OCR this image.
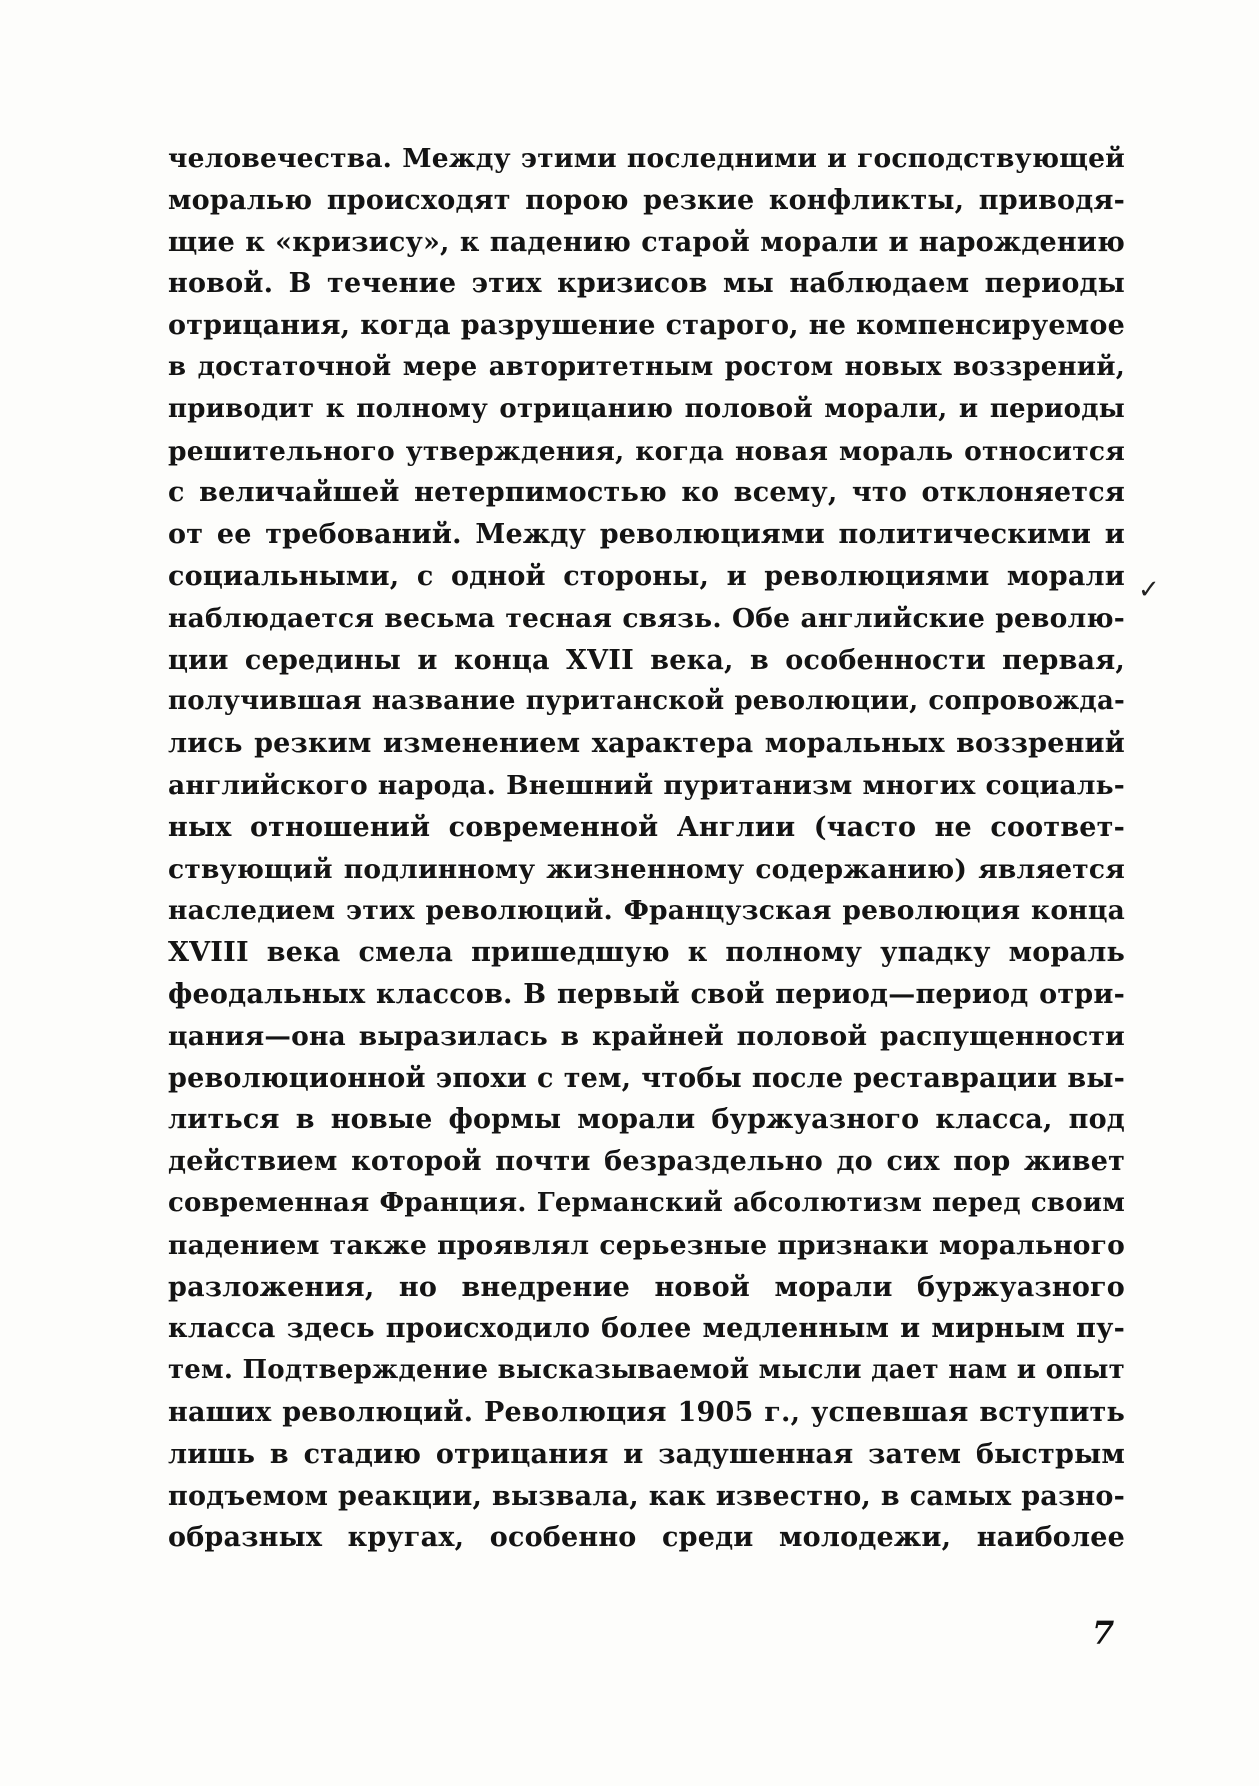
человечества. Между этими последними и господствующей
моралью происходят порою резкие конфликты, приводя-
щие к «кризису», к падению старой морали и нарождению
новой. В течение этих кризисов мы наблюдаем периоды
отрицания, когда разрушение старого, не компенсируемое
в достаточной мере авторитетным ростом новых воззрений,
приводит к полному отрицанию половой морали, и периоды
решительного утверждения, когда новая мораль относится
с величайшей нетерпимостью ко всему, что отклоняется
от ее требований. Между революциями политическими и
социальными, с одной стороны, и революциями морали
наблюдается весьма тесная связь. Обе английские револю-
ции середины и конца XVII века, в особенности первая,
получившая название пуританской революции, сопровожда-
лись резким изменением характера моральных воззрений
английского народа. Внешний пуританизм многих социаль-
ных отношений современной Англии (часто не соответ-
ствующий подлинному жизненному содержанию) является
наследием этих революций. Французская революция конца
XVIII века смела пришедшую к полному упадку мораль
феодальных классов. В первый свой период—период отри-
цания—она выразилась в крайней половой распущенности
революционной эпохи с тем, чтобы после реставрации вы-
литься в новые формы морали буржуазного класса, под
действием которой почти безраздельно до сих пор живет
современная Франция. Германский абсолютизм перед своим
падением также проявлял серьезные признаки морального
разложения, но внедрение новой морали буржуазного
класса здесь происходило более медленным и мирным пу-
тем. Подтверждение высказываемой мысли дает нам и опыт
наших революций. Революция 1905 г., успевшая вступить
лишь в стадию отрицания и задушенная затем быстрым
подъемом реакции, вызвала, как известно, в самых разно-
образных кругах, особенно среди молодежи, наиболее
✓
7
